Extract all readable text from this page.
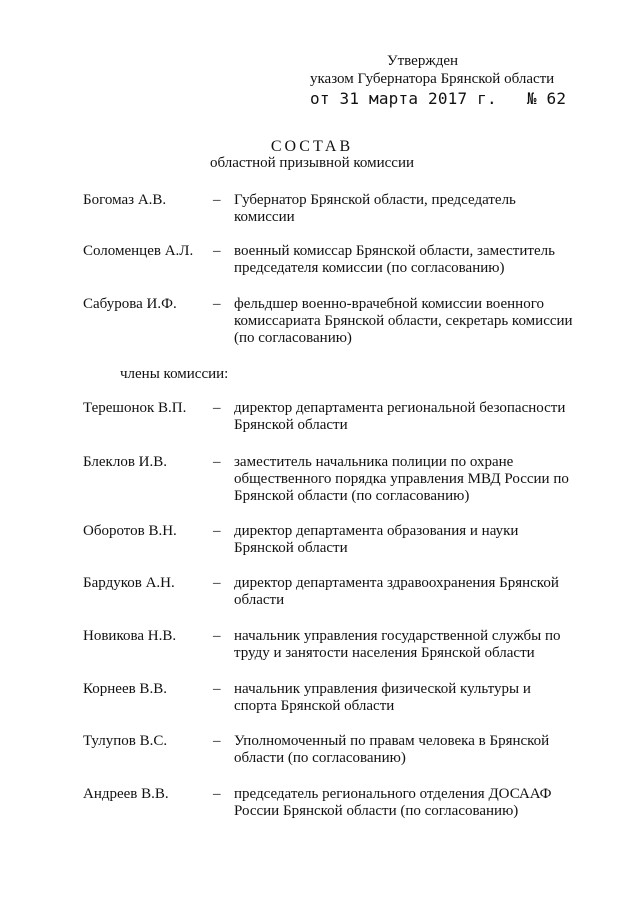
Утвержден
указом Губернатора Брянской области
от 31 марта 2017 г. № 62
СОСТАВ
областной призывной комиссии
Богомаз А.В.	– Губернатор Брянской области, председатель комиссии
Соломенцев А.Л. – военный комиссар Брянской области, заместитель председателя комиссии (по согласованию)
Сабурова И.Ф. – фельдшер военно-врачебной комиссии военного комиссариата Брянской области, секретарь комиссии (по согласованию)
члены комиссии:
Терешонок В.П. – директор департамента региональной безопасности Брянской области
Блеклов И.В.	– заместитель начальника полиции по охране общественного порядка управления МВД России по Брянской области (по согласованию)
Оборотов В.Н. – директор департамента образования и науки Брянской области
Бардуков А.Н.	– директор департамента здравоохранения Брянской области
Новикова Н.В. – начальник управления государственной службы по труду и занятости населения Брянской области
Корнеев В.В.	– начальник управления физической культуры и спорта Брянской области
Тулупов В.С.	– Уполномоченный по правам человека в Брянской области (по согласованию)
Андреев В.В.	– председатель регионального отделения ДОСААФ России Брянской области (по согласованию)
